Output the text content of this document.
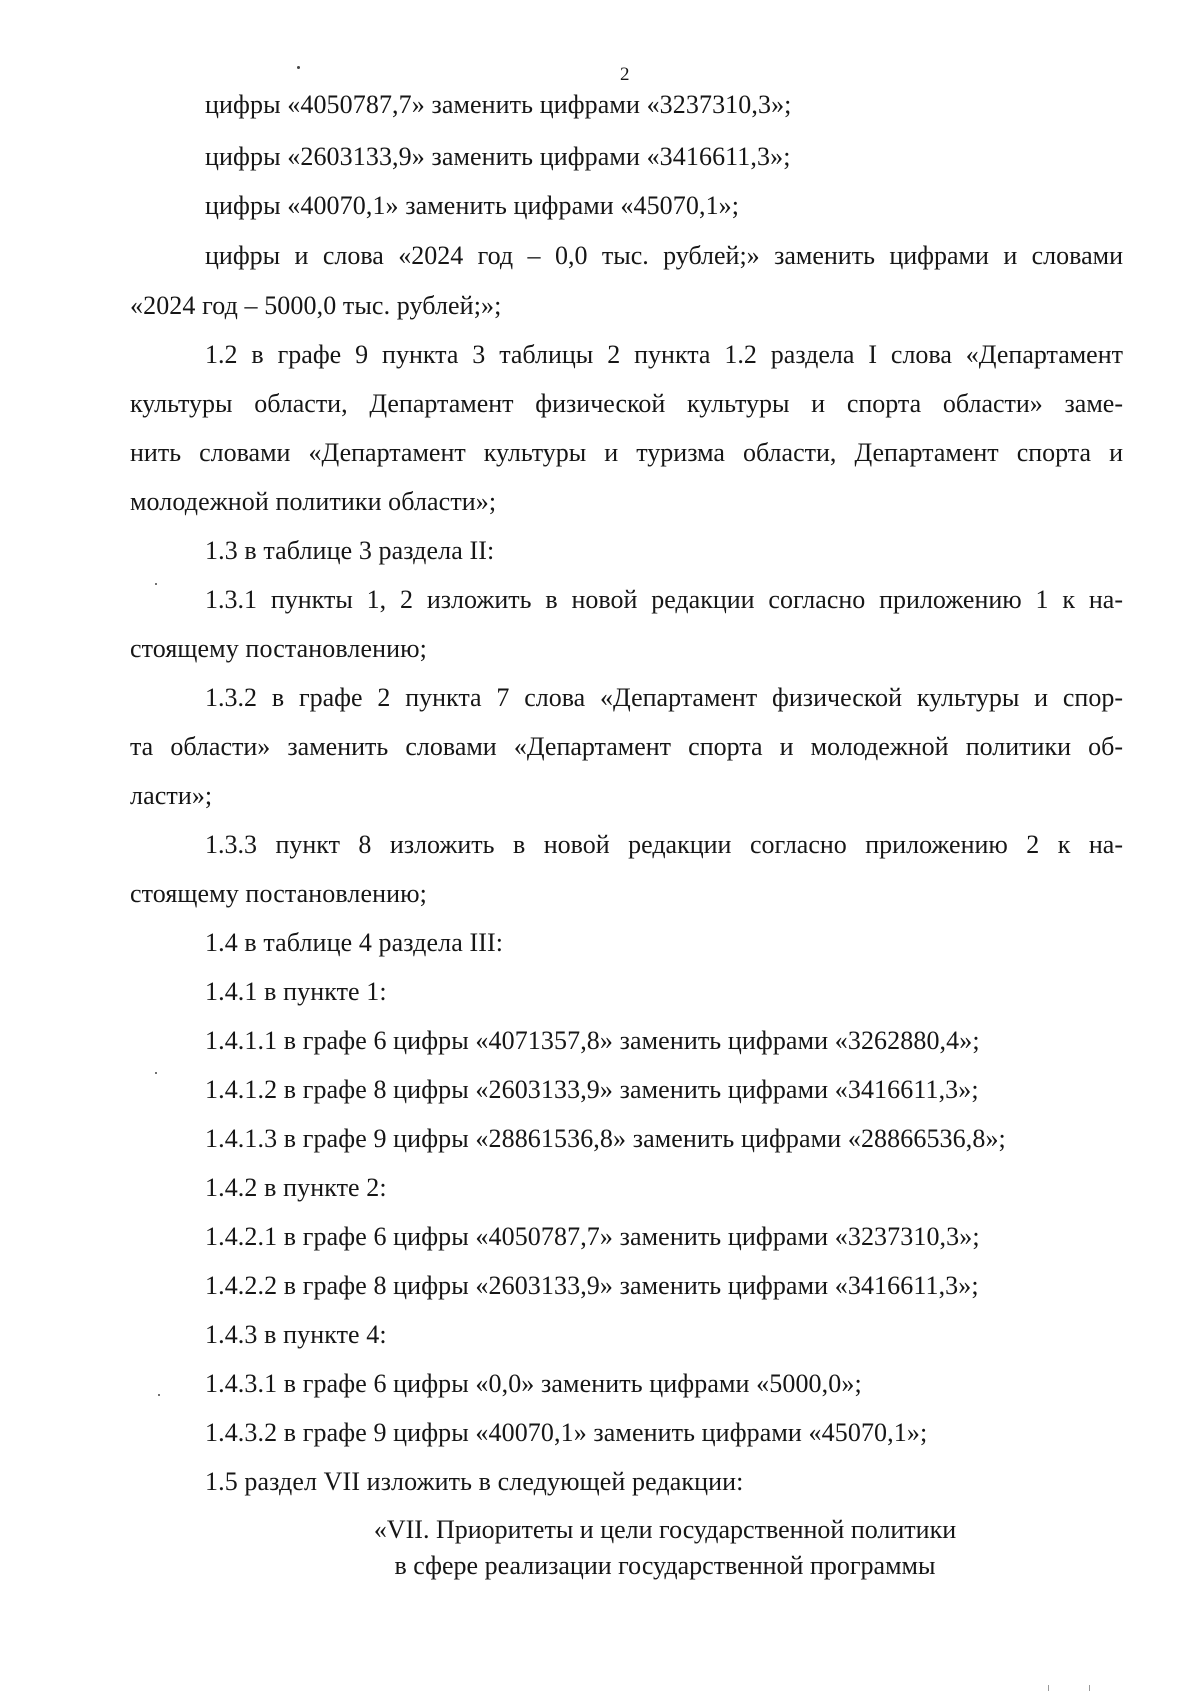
2
цифры «4050787,7» заменить цифрами «3237310,3»;
цифры «2603133,9» заменить цифрами «3416611,3»;
цифры «40070,1» заменить цифрами «45070,1»;
цифры и слова «2024 год – 0,0 тыс. рублей;» заменить цифрами и словами
«2024 год – 5000,0 тыс. рублей;»;
1.2 в графе 9 пункта 3 таблицы 2 пункта 1.2 раздела I слова «Департамент
культуры области, Департамент физической культуры и спорта области» заме-
нить словами «Департамент культуры и туризма области, Департамент спорта и
молодежной политики области»;
1.3 в таблице 3 раздела II:
1.3.1 пункты 1, 2 изложить в новой редакции согласно приложению 1 к на-
стоящему постановлению;
1.3.2 в графе 2 пункта 7 слова «Департамент физической культуры и спор-
та области» заменить словами «Департамент спорта и молодежной политики об-
ласти»;
1.3.3 пункт 8 изложить в новой редакции согласно приложению 2 к на-
стоящему постановлению;
1.4 в таблице 4 раздела III:
1.4.1 в пункте 1:
1.4.1.1 в графе 6 цифры «4071357,8» заменить цифрами «3262880,4»;
1.4.1.2 в графе 8 цифры «2603133,9» заменить цифрами «3416611,3»;
1.4.1.3 в графе 9 цифры «28861536,8» заменить цифрами «28866536,8»;
1.4.2 в пункте 2:
1.4.2.1 в графе 6 цифры «4050787,7» заменить цифрами «3237310,3»;
1.4.2.2 в графе 8 цифры «2603133,9» заменить цифрами «3416611,3»;
1.4.3 в пункте 4:
1.4.3.1 в графе 6 цифры «0,0» заменить цифрами «5000,0»;
1.4.3.2 в графе 9 цифры «40070,1» заменить цифрами «45070,1»;
1.5 раздел VII изложить в следующей редакции:
«VII. Приоритеты и цели государственной политики
в сфере реализации государственной программы
